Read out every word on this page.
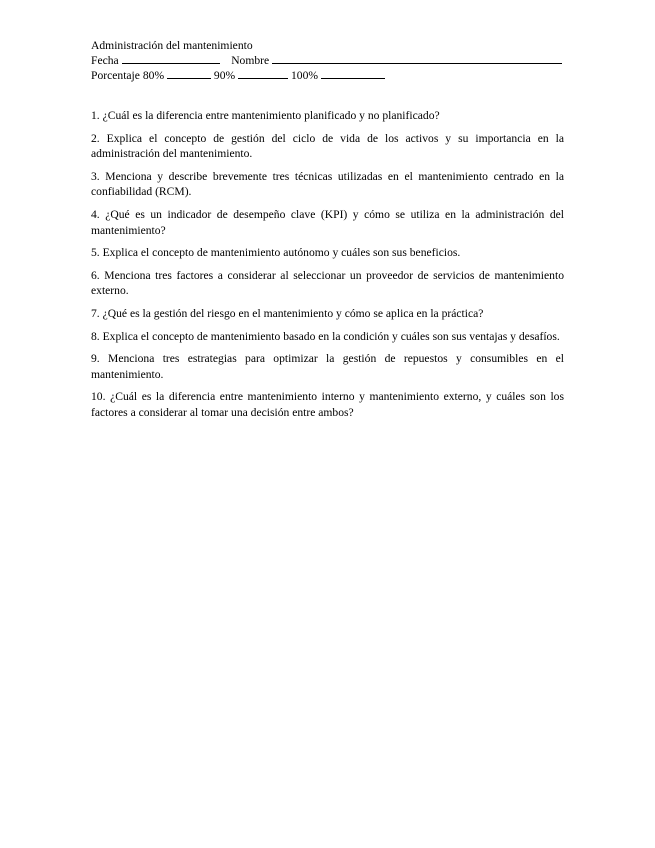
Administración del mantenimiento
Fecha	Nombre
Porcentaje 80%	90%	100%

1. ¿Cuál es la diferencia entre mantenimiento planificado y no planificado?

2. Explica el concepto de gestión del ciclo de vida de los activos y su importancia en la administración del mantenimiento.

3. Menciona y describe brevemente tres técnicas utilizadas en el mantenimiento centrado en la confiabilidad (RCM).

4. ¿Qué es un indicador de desempeño clave (KPI) y cómo se utiliza en la administración del mantenimiento?

5. Explica el concepto de mantenimiento autónomo y cuáles son sus beneficios.

6. Menciona tres factores a considerar al seleccionar un proveedor de servicios de mantenimiento externo.

7. ¿Qué es la gestión del riesgo en el mantenimiento y cómo se aplica en la práctica?

8. Explica el concepto de mantenimiento basado en la condición y cuáles son sus ventajas y desafíos.

9. Menciona tres estrategias para optimizar la gestión de repuestos y consumibles en el mantenimiento.

10. ¿Cuál es la diferencia entre mantenimiento interno y mantenimiento externo, y cuáles son los factores a considerar al tomar una decisión entre ambos?
